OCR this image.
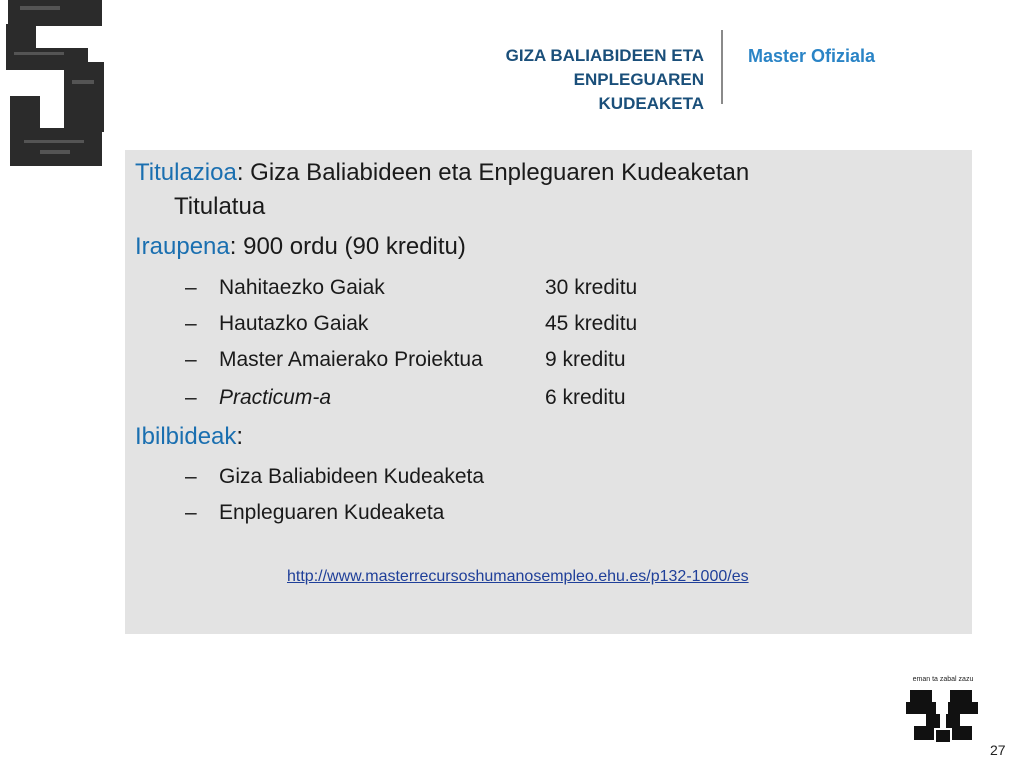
GIZA BALIABIDEEN ETA
ENPLEGUAREN
KUDEAKETA
Master Ofiziala
Titulazioa: Giza Baliabideen eta Enpleguaren Kudeaketan
Titulatua
Iraupena: 900 ordu (90 kreditu)
– Nahitaezko Gaiak	30 kreditu
– Hautazko Gaiak	45 kreditu
– Master Amaierako Proiektua	9 kreditu
– Practicum-a	6 kreditu
Ibilbideak:
– Giza Baliabideen Kudeaketa
– Enpleguaren Kudeaketa
http://www.masterrecursoshumanosempleo.ehu.es/p132-1000/es
eman ta zabal zazu
27
